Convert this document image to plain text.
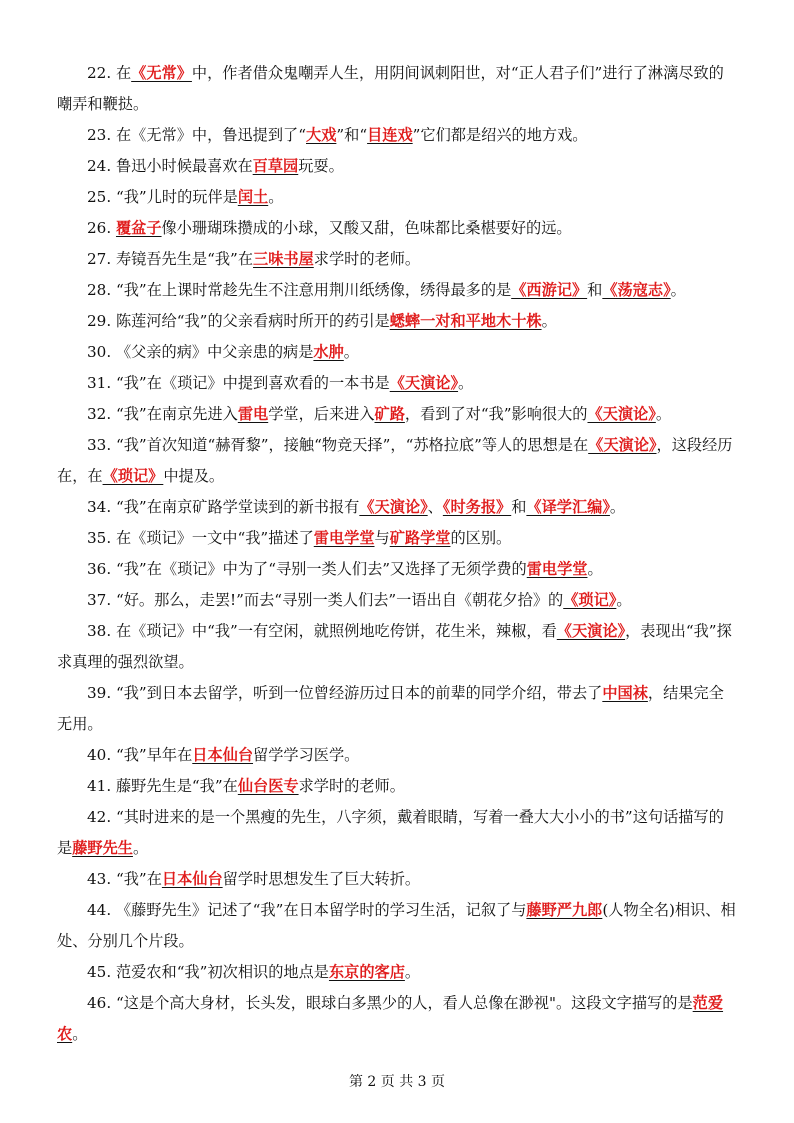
22. 在《无常》中，作者借众鬼嘲弄人生，用阴间讽刺阳世，对“正人君子们”进行了淋漓尽致的嘲弄和鞭挞。

23. 在《无常》中，鲁迅提到了“大戏”和“目连戏”它们都是绍兴的地方戏。

24. 鲁迅小时候最喜欢在百草园玩耍。

25. “我”儿时的玩伴是闰土。

26. 覆盆子像小珊瑚珠攒成的小球，又酸又甜，色味都比桑椹要好的远。

27. 寿镜吾先生是“我”在三味书屋求学时的老师。

28. “我”在上课时常趁先生不注意用荆川纸绣像，绣得最多的是《西游记》和《荡寇志》。

29. 陈莲河给“我”的父亲看病时所开的药引是蟋蟀一对和平地木十株。

30. 《父亲的病》中父亲患的病是水肿。

31. “我”在《琐记》中提到喜欢看的一本书是《天演论》。

32. “我”在南京先进入雷电学堂，后来进入矿路，看到了对“我”影响很大的《天演论》。

33. “我”首次知道“赫胥黎”，接触“物竞天择”，“苏格拉底”等人的思想是在《天演论》，这段经历在，在《琐记》中提及。

34. “我”在南京矿路学堂读到的新书报有《天演论》、《时务报》和《译学汇编》。

35. 在《琐记》一文中“我”描述了雷电学堂与矿路学堂的区别。

36. “我”在《琐记》中为了“寻别一类人们去”又选择了无须学费的雷电学堂。

37. “好。那么，走罢!”而去“寻别一类人们去”一语出自《朝花夕拾》的《琐记》。

38. 在《琐记》中“我”一有空闲，就照例地吃侉饼，花生米，辣椒，看《天演论》，表现出“我”探求真理的强烈欲望。

39. “我”到日本去留学，听到一位曾经游历过日本的前辈的同学介绍，带去了中国袜，结果完全无用。

40. “我”早年在日本仙台留学学习医学。

41. 藤野先生是“我”在仙台医专求学时的老师。

42. “其时进来的是一个黑瘦的先生，八字须，戴着眼睛，写着一叠大大小小的书”这句话描写的是藤野先生。

43. “我”在日本仙台留学时思想发生了巨大转折。

44. 《藤野先生》记述了“我”在日本留学时的学习生活，记叙了与藤野严九郎(人物全名)相识、相处、分别几个片段。

45. 范爱农和“我”初次相识的地点是东京的客店。

46. “这是个高大身材，长头发，眼球白多黑少的人，看人总像在渺视"。这段文字描写的是范爱农。

第 2 页 共 3 页
